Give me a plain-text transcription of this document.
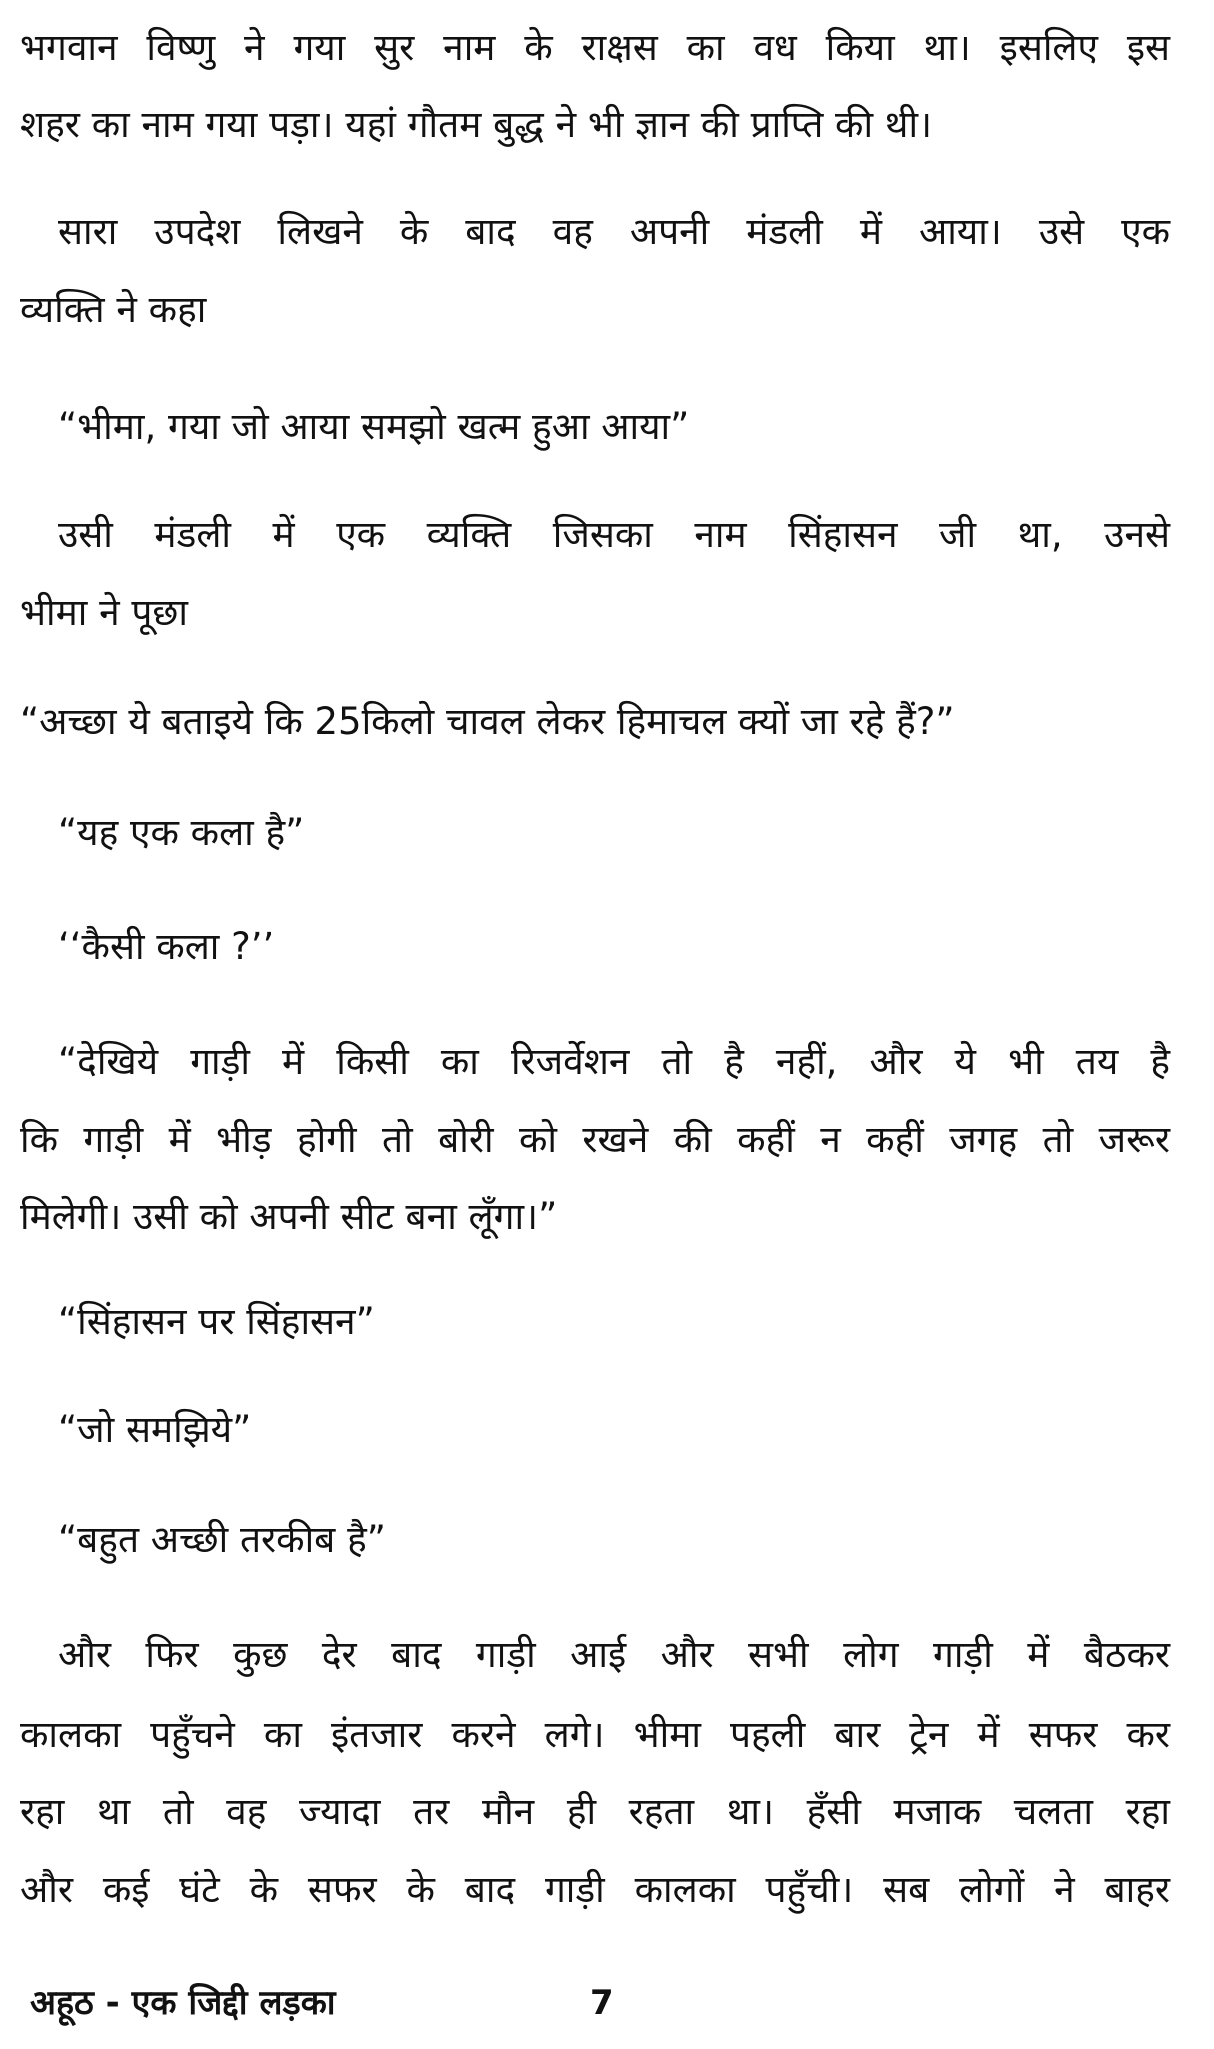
भगवान विष्णु ने गया सुर नाम के राक्षस का वध किया था। इसलिए इस
शहर का नाम गया पड़ा। यहां गौतम बुद्ध ने भी ज्ञान की प्राप्ति की थी।
सारा उपदेश लिखने के बाद वह अपनी मंडली में आया। उसे एक
व्यक्ति ने कहा
“भीमा, गया जो आया समझो खत्म हुआ आया”
उसी मंडली में एक व्यक्ति जिसका नाम सिंहासन जी था, उनसे
भीमा ने पूछा
“अच्छा ये बताइये कि 25किलो चावल लेकर हिमाचल क्यों जा रहे हैं?”
“यह एक कला है”
‘‘कैसी कला ?’’
“देखिये गाड़ी में किसी का रिजर्वेशन तो है नहीं, और ये भी तय है
कि गाड़ी में भीड़ होगी तो बोरी को रखने की कहीं न कहीं जगह तो जरूर
मिलेगी। उसी को अपनी सीट बना लूँगा।”
“सिंहासन पर सिंहासन”
“जो समझिये”
“बहुत अच्छी तरकीब है”
और फिर कुछ देर बाद गाड़ी आई और सभी लोग गाड़ी में बैठकर
कालका पहुँचने का इंतजार करने लगे। भीमा पहली बार ट्रेन में सफर कर
रहा था तो वह ज्यादा तर मौन ही रहता था। हँसी मजाक चलता रहा
और कई घंटे के सफर के बाद गाड़ी कालका पहुँची। सब लोगों ने बाहर
अहूठ - एक जिद्दी लड़का	7
